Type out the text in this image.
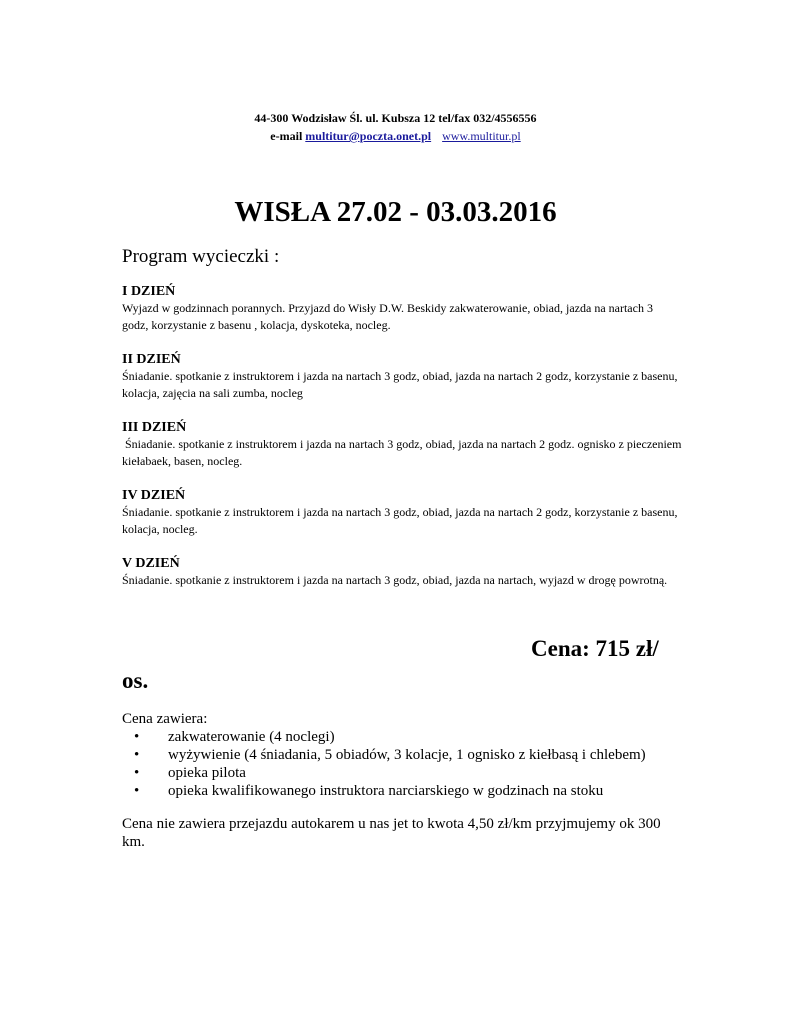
44-300 Wodzisław Śl. ul. Kubsza 12 tel/fax 032/4556556
e-mail multitur@poczta.onet.pl www.multitur.pl
WISŁA 27.02 - 03.03.2016
Program wycieczki :
I DZIEŃ
Wyjazd w godzinnach porannych. Przyjazd do Wisły D.W. Beskidy zakwaterowanie, obiad, jazda na nartach 3 godz, korzystanie z basenu , kolacja, dyskoteka, nocleg.
II DZIEŃ
Śniadanie. spotkanie z instruktorem i jazda na nartach 3 godz, obiad, jazda na nartach 2 godz, korzystanie z basenu, kolacja, zajęcia na sali zumba, nocleg
III DZIEŃ
Śniadanie. spotkanie z instruktorem i jazda na nartach 3 godz, obiad, jazda na nartach 2 godz. ognisko z pieczeniem kiełabaek, basen, nocleg.
IV DZIEŃ
Śniadanie. spotkanie z instruktorem i jazda na nartach 3 godz, obiad, jazda na nartach 2 godz, korzystanie z basenu, kolacja, nocleg.
V DZIEŃ
Śniadanie. spotkanie z instruktorem i jazda na nartach 3 godz, obiad, jazda na nartach, wyjazd w drogę powrotną.
Cena: 715 zł/
os.
Cena zawiera:
• zakwaterowanie (4 noclegi)
• wyżywienie (4 śniadania, 5 obiadów, 3 kolacje, 1 ognisko z kiełbasą i chlebem)
• opieka pilota
• opieka kwalifikowanego instruktora narciarskiego w godzinach na stoku
Cena nie zawiera przejazdu autokarem u nas jet to kwota 4,50 zł/km przyjmujemy ok 300 km.
